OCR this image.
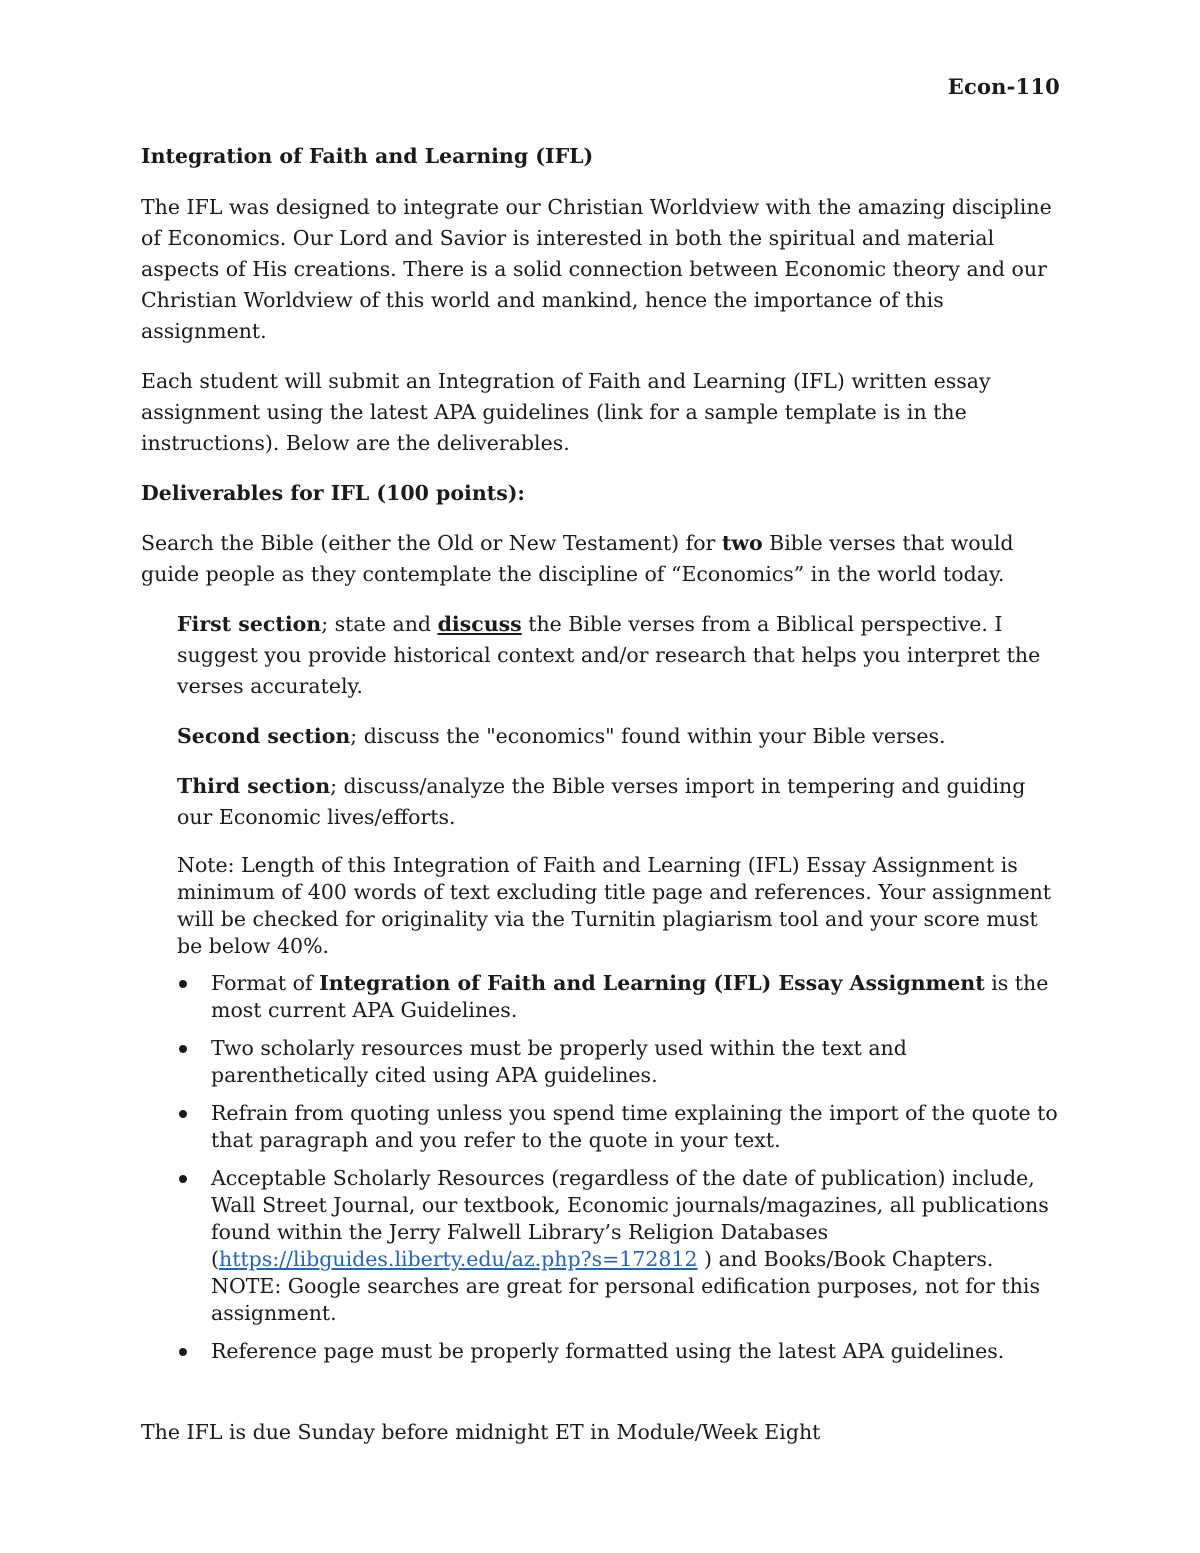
Econ-110

Integration of Faith and Learning (IFL)

The IFL was designed to integrate our Christian Worldview with the amazing discipline of Economics. Our Lord and Savior is interested in both the spiritual and material aspects of His creations. There is a solid connection between Economic theory and our Christian Worldview of this world and mankind, hence the importance of this assignment.

Each student will submit an Integration of Faith and Learning (IFL) written essay assignment using the latest APA guidelines (link for a sample template is in the instructions). Below are the deliverables.

Deliverables for IFL (100 points):

Search the Bible (either the Old or New Testament) for two Bible verses that would guide people as they contemplate the discipline of “Economics” in the world today.

First section; state and discuss the Bible verses from a Biblical perspective. I suggest you provide historical context and/or research that helps you interpret the verses accurately.

Second section; discuss the "economics" found within your Bible verses.

Third section; discuss/analyze the Bible verses import in tempering and guiding our Economic lives/efforts.

Note: Length of this Integration of Faith and Learning (IFL) Essay Assignment is minimum of 400 words of text excluding title page and references. Your assignment will be checked for originality via the Turnitin plagiarism tool and your score must be below 40%.

Format of Integration of Faith and Learning (IFL) Essay Assignment is the most current APA Guidelines.
Two scholarly resources must be properly used within the text and parenthetically cited using APA guidelines.
Refrain from quoting unless you spend time explaining the import of the quote to that paragraph and you refer to the quote in your text.
Acceptable Scholarly Resources (regardless of the date of publication) include, Wall Street Journal, our textbook, Economic journals/magazines, all publications found within the Jerry Falwell Library’s Religion Databases (https://libguides.liberty.edu/az.php?s=172812 ) and Books/Book Chapters. NOTE: Google searches are great for personal edification purposes, not for this assignment.
Reference page must be properly formatted using the latest APA guidelines.

The IFL is due Sunday before midnight ET in Module/Week Eight
